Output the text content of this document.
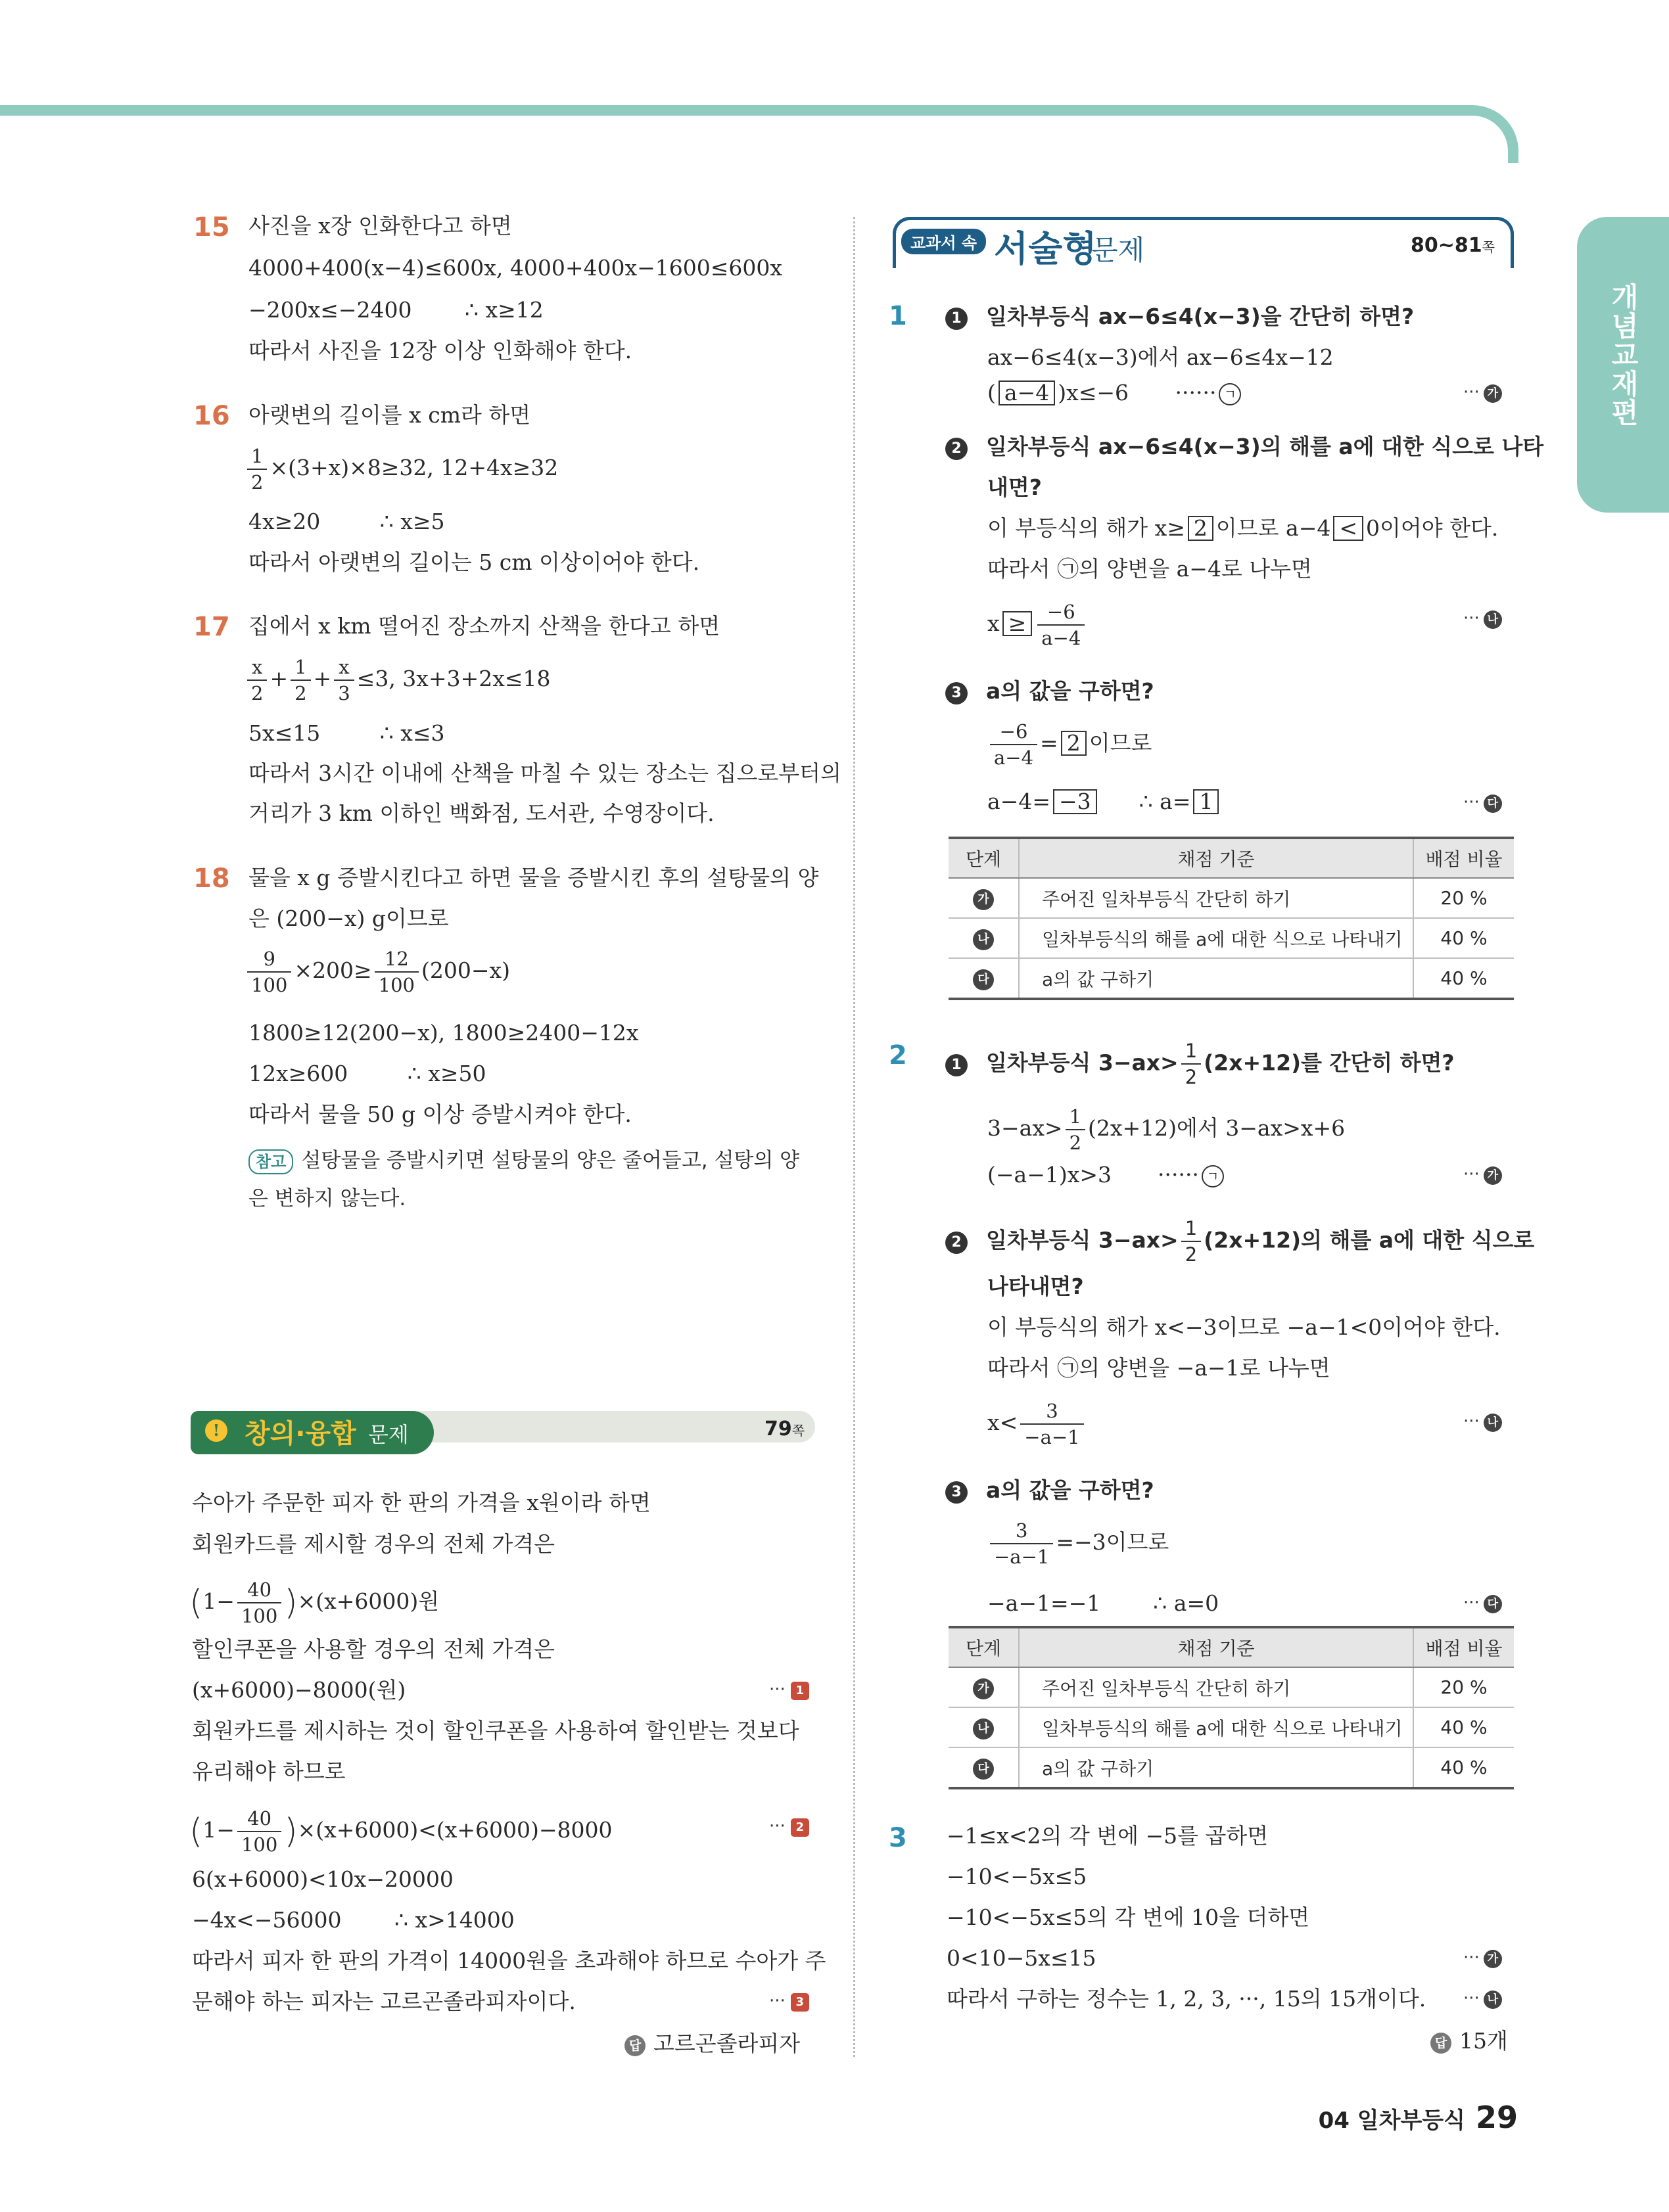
개념교재편
15 사진을 x장 인화한다고 하면
4000+400(x−4)≤600x, 4000+400x−1600≤600x
−200x≤−2400 ∴ x≥12
따라서 사진을 12장 이상 인화해야 한다.
16 아랫변의 길이를 x cm라 하면
$\frac{1}{2} \times(3+x)\times 8\ge 32$, 12+4x≥32
4x≥20	∴ x≥5
따라서 아랫변의 길이는 5 cm 이상이어야 한다.
17 집에서 x km 떨어진 장소까지 산책을 한다고 하면
$\frac{x}{2} + \frac{1}{2} + \frac{x}{3} \le 3$, 3x+3+2x≤18
5x≤15	∴ x≤3
따라서 3시간 이내에 산책을 마칠 수 있는 장소는 집으로부터의
거리가 3 km 이하인 백화점, 도서관, 수영장이다.
18 물을 x g 증발시킨다고 하면 물을 증발시킨 후의 설탕물의 양
은 (200−x) g이므로
$\frac{9}{100} \times 200\ge \frac{12}{100} (200-x)$
1800≥12(200−x), 1800≥2400−12x
12x≥600	∴ x≥50
따라서 물을 50 g 이상 증발시켜야 한다.
참고 설탕물을 증발시키면 설탕물의 양은 줄어들고, 설탕의 양
은 변하지 않는다.
! 창의·융합 문제	79쪽
수아가 주문한 피자 한 판의 가격을 x원이라 하면
회원카드를 제시할 경우의 전체 가격은
$(1- \frac{40}{100} )\times(x+6000)$원
할인쿠폰을 사용할 경우의 전체 가격은
(x+6000)−8000(원)	··· 1
회원카드를 제시하는 것이 할인쿠폰을 사용하여 할인받는 것보다
유리해야 하므로
$(1- \frac{40}{100} )\times(x+6000)<(x+6000)-8000$	··· 2
6(x+6000)<10x−20000
−4x<−56000 ∴ x>14000
따라서 피자 한 판의 가격이 14000원을 초과해야 하므로 수아가 주
문해야 하는 피자는 고르곤졸라피자이다.	··· 3
답 고르곤졸라피자
교과서 속 서술형
문제	80~81쪽
1	1 일차부등식 ax−6≤4(x−3)을 간단히 하면?
ax−6≤4(x−3)에서 ax−6≤4x−12
( a−4 )x≤−6 ······ ㄱ	··· 가
2 일차부등식 ax−6≤4(x−3)의 해를 a에 대한 식으로 나타
내면?
이 부등식의 해가 x≥ 2 이므로 a−4 < 0이어야 한다.
따라서 ㉠의 양변을 a−4로 나누면
$x \ge \frac{-6}{a-4}$	··· 나
3 a의 값을 구하면?
$\frac{-6}{a-4} = 2$ 이므로
a−4= −3 ∴ a= 1	··· 다
단계	채점 기준	배점 비율
가	주어진 일차부등식 간단히 하기	20 %
나	일차부등식의 해를 a에 대한 식으로 나타내기	40 %
다	a의 값 구하기	40 %
2	1 일차부등식 $3-ax> \frac{1}{2} (2x+12)$를 간단히 하면?
$3-ax> \frac{1}{2} (2x+12)$에서 3−ax>x+6
(−a−1)x>3 ······ ㄱ	··· 가
2 일차부등식 $3-ax> \frac{1}{2} (2x+12)$의 해를 a에 대한 식으로
나타내면?
이 부등식의 해가 x<−3이므로 −a−1<0이어야 한다.
따라서 ㉠의 양변을 −a−1로 나누면
$x< \frac{3}{-a-1}$	··· 나
3 a의 값을 구하면?
$\frac{3}{-a-1} =-3$이므로
−a−1=−1 ∴ a=0	··· 다
단계	채점 기준	배점 비율
가	주어진 일차부등식 간단히 하기	20 %
나	일차부등식의 해를 a에 대한 식으로 나타내기	40 %
다	a의 값 구하기	40 %
3 −1≤x<2의 각 변에 −5를 곱하면
−10<−5x≤5
−10<−5x≤5의 각 변에 10을 더하면
0<10−5x≤15	··· 가
따라서 구하는 정수는 1, 2, 3, ···, 15의 15개이다. ··· 나
답 15개
04 일차부등식 29
